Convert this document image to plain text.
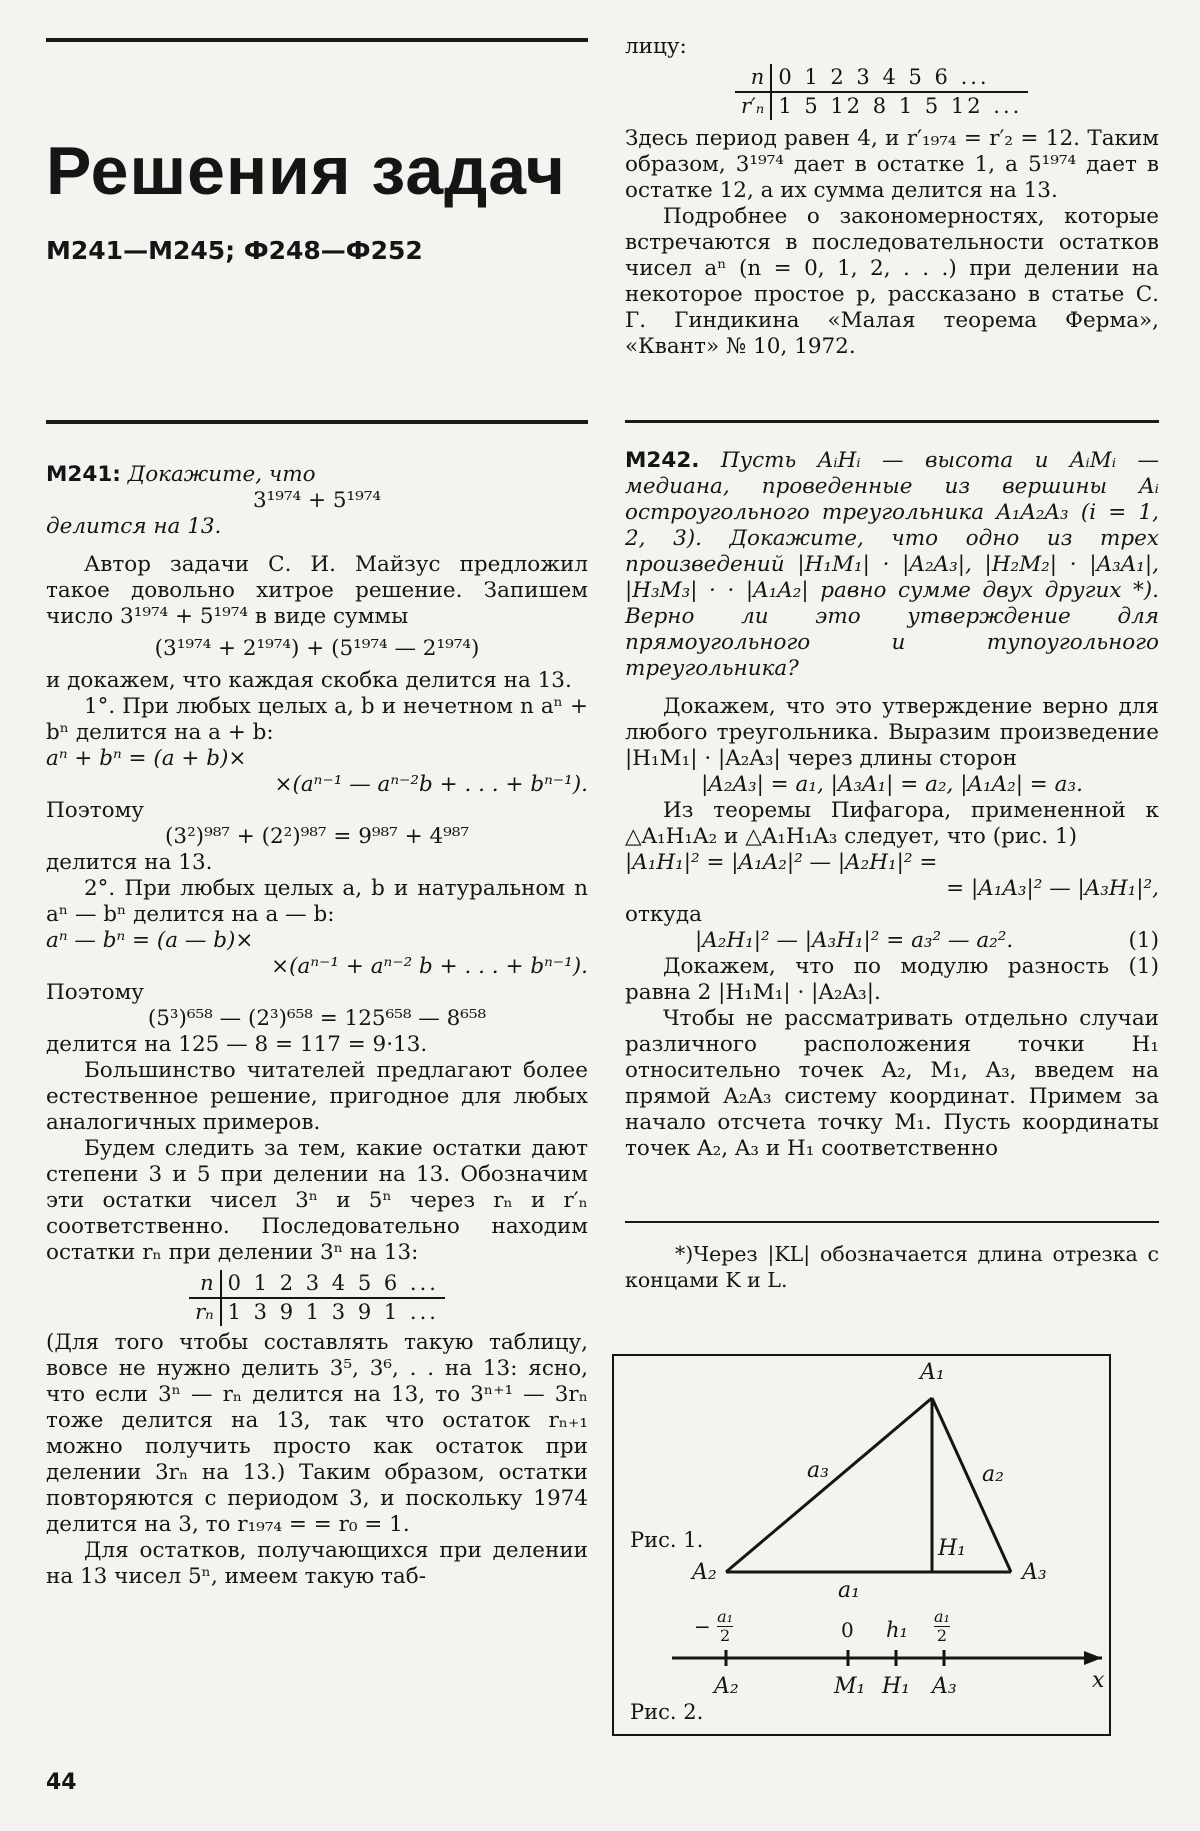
Решения задач
М241—М245; Ф248—Ф252

М241: Докажите, что

3¹⁹⁷⁴ + 5¹⁹⁷⁴

делится на 13.

Автор задачи С. И. Майзус предложил такое довольно хитрое решение. Запишем число 3¹⁹⁷⁴ + 5¹⁹⁷⁴ в виде суммы

(3¹⁹⁷⁴ + 2¹⁹⁷⁴) + (5¹⁹⁷⁴ — 2¹⁹⁷⁴)

и докажем, что каждая скобка делится на 13.

1°. При любых целых a, b и нечетном n aⁿ + bⁿ делится на a + b:

aⁿ + bⁿ = (a + b)×

×(aⁿ⁻¹ — aⁿ⁻²b + . . . + bⁿ⁻¹).

Поэтому

(3²)⁹⁸⁷ + (2²)⁹⁸⁷ = 9⁹⁸⁷ + 4⁹⁸⁷

делится на 13.

2°. При любых целых a, b и натуральном n aⁿ — bⁿ делится на a — b:

aⁿ — bⁿ = (a — b)×

×(aⁿ⁻¹ + aⁿ⁻² b + . . . + bⁿ⁻¹).

Поэтому

(5³)⁶⁵⁸ — (2³)⁶⁵⁸ = 125⁶⁵⁸ — 8⁶⁵⁸

делится на 125 — 8 = 117 = 9·13.

Большинство читателей предлагают более естественное решение, пригодное для любых аналогичных примеров.

Будем следить за тем, какие остатки дают степени 3 и 5 при делении на 13. Обозначим эти остатки чисел 3ⁿ и 5ⁿ через rₙ и r′ₙ соответственно. Последовательно находим остатки rₙ при делении 3ⁿ на 13:

n	0 1 2 3 4 5 6 ...
rₙ	1 3 9 1 3 9 1 ...

(Для того чтобы составлять такую таблицу, вовсе не нужно делить 3⁵, 3⁶, . . на 13: ясно, что если 3ⁿ — rₙ делится на 13, то 3ⁿ⁺¹ — 3rₙ тоже делится на 13, так что остаток rₙ₊₁ можно получить просто как остаток при делении 3rₙ на 13.) Таким образом, остатки повторяются с периодом 3, и поскольку 1974 делится на 3, то r₁₉₇₄ = = r₀ = 1.

Для остатков, получающихся при делении на 13 чисел 5ⁿ, имеем такую таб-

лицу:

n	0 1 2 3 4 5 6 ...
r′ₙ	1 5 12 8 1 5 12 ...

Здесь период равен 4, и r′₁₉₇₄ = r′₂ = 12. Таким образом, 3¹⁹⁷⁴ дает в остатке 1, а 5¹⁹⁷⁴ дает в остатке 12, а их сумма делится на 13.

Подробнее о закономерностях, которые встречаются в последовательности остатков чисел aⁿ (n = 0, 1, 2, . . .) при делении на некоторое простое p, рассказано в статье С. Г. Гиндикина «Малая теорема Ферма», «Квант» № 10, 1972.

М242. Пусть AᵢHᵢ — высота и AᵢMᵢ — медиана, проведенные из вершины Aᵢ остроугольного треугольника A₁A₂A₃ (i = 1, 2, 3). Докажите, что одно из трех произведений |H₁M₁| · |A₂A₃|, |H₂M₂| · |A₃A₁|, |H₃M₃| · · |A₁A₂| равно сумме двух других *). Верно ли это утверждение для прямоугольного и тупоугольного треугольника?

Докажем, что это утверждение верно для любого треугольника. Выразим произведение |H₁M₁| · |A₂A₃| через длины сторон

|A₂A₃| = a₁, |A₃A₁| = a₂, |A₁A₂| = a₃.

Из теоремы Пифагора, примененной к △A₁H₁A₂ и △A₁H₁A₃ следует, что (рис. 1)

|A₁H₁|² = |A₁A₂|² — |A₂H₁|² =

= |A₁A₃|² — |A₃H₁|²,

откуда

|A₂H₁|² — |A₃H₁|² = a₃² — a₂².	(1)

Докажем, что по модулю разность (1) равна 2 |H₁M₁| · |A₂A₃|.

Чтобы не рассматривать отдельно случаи различного расположения точки H₁ относительно точек A₂, M₁, A₃, введем на прямой A₂A₃ систему координат. Примем за начало отсчета точку M₁. Пусть координаты точек A₂, A₃ и H₁ соответственно

*)Через |KL| обозначается длина отрезка с концами K и L.

A₁
a₃	a₂
Рис. 1.	H₁
A₂	A₃
a₁
− $\frac{\text{a₁}}{2}$	0 $h_1 \frac{\text{a₁}}{2}$
A₂	M₁ H₁ A₃	x
Рис. 2.
44
